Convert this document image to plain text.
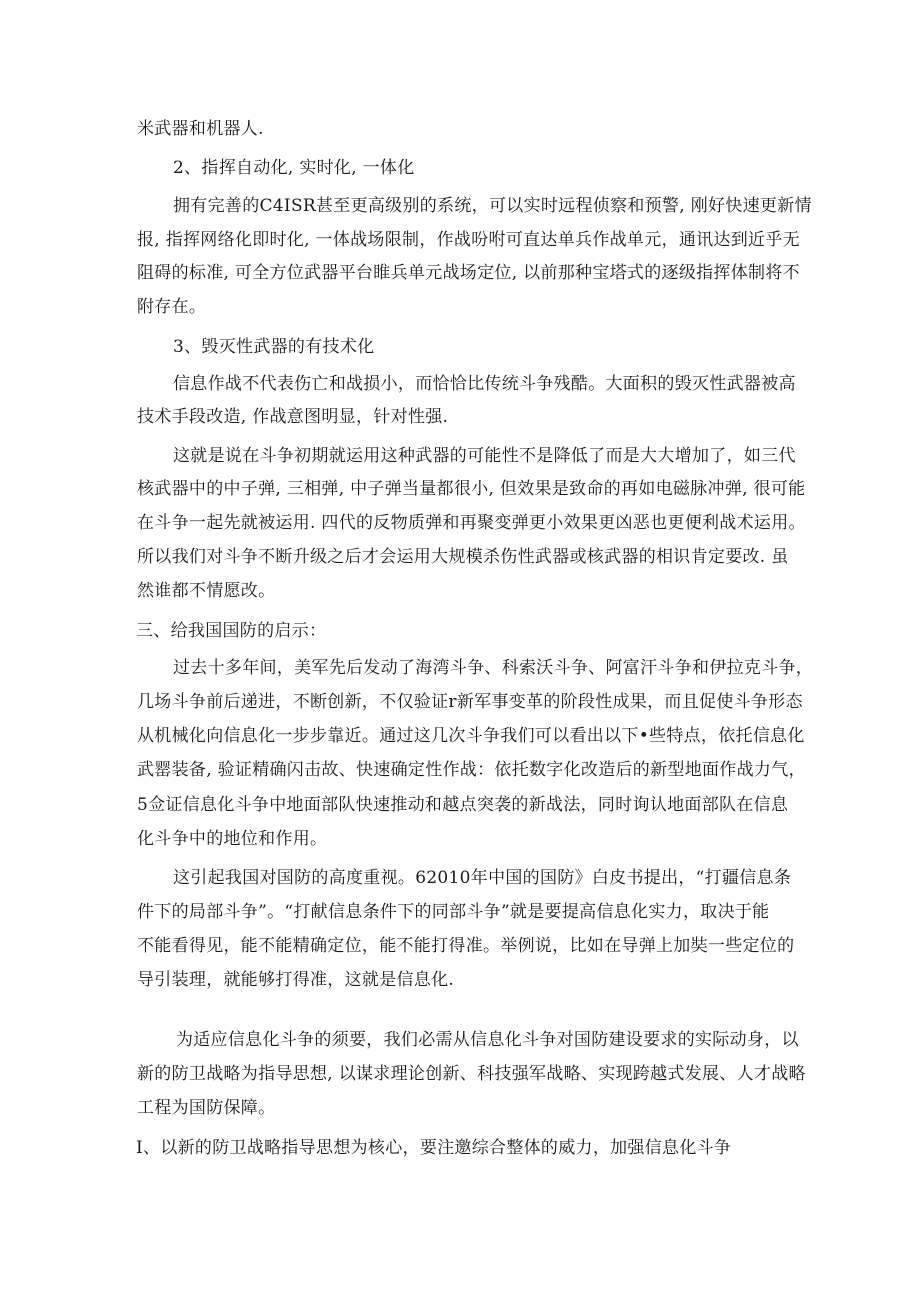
米武器和机器人.
2、指挥自动化, 实时化, 一体化
拥有完善的C4ISR甚至更高级别的系统，可以实时远程侦察和预警, 刚好快速更新情
报, 指挥网络化即时化, 一体战场限制，作战吩咐可直达单兵作战单元，通讯达到近乎无
阻碍的标准, 可全方位武器平台睢兵单元战场定位, 以前那种宝塔式的逐级指挥体制将不
附存在。
3、毁灭性武器的有技术化
信息作战不代表伤亡和战损小，而恰恰比传统斗争残酷。大面积的毁灭性武器被高
技术手段改造, 作战意图明显，针对性强.
这就是说在斗争初期就运用这种武器的可能性不是降低了而是大大增加了，如三代
核武器中的中子弹, 三相弹, 中子弹当量都很小, 但效果是致命的再如电磁脉冲弹, 很可能
在斗争一起先就被运用. 四代的反物质弹和再聚变弹更小效果更凶恶也更便利战术运用。
所以我们对斗争不断升级之后才会运用大规模杀伤性武器或核武器的相识肯定要改. 虽
然谁都不情愿改。
三、给我国国防的启示：
过去十多年间，美军先后发动了海湾斗争、科索沃斗争、阿富汗斗争和伊拉克斗争，
几场斗争前后递进，不断创新，不仅验证r新军事变革的阶段性成果，而且促使斗争形态
从机械化向信息化一步步靠近。通过这几次斗争我们可以看出以下•些特点，依托信息化
武罂装备, 验证精确闪击故、快速确定性作战：依托数字化改造后的新型地面作战力气，
5佥证信息化斗争中地面部队快速推动和越点突袭的新战法，同时询认地面部队在信息
化斗争中的地位和作用。
这引起我国对国防的高度重视。62010年中国的国防》白皮书提出，“打疆信息条
件下的局部斗争”。“打献信息条件下的同部斗争”就是要提高信息化实力，取决于能
不能看得见，能不能精确定位，能不能打得准。举例说，比如在导弹上加奘一些定位的
导引装理，就能够打得准，这就是信息化.
为适应信息化斗争的须要，我们必需从信息化斗争对国防建设要求的实际动身，以
新的防卫战略为指导思想, 以谋求理论创新、科技强军战略、实现跨越式发展、人才战略
工程为国防保障。
I、以新的防卫战略指导思想为核心，要注邀综合整体的威力，加强信息化斗争
